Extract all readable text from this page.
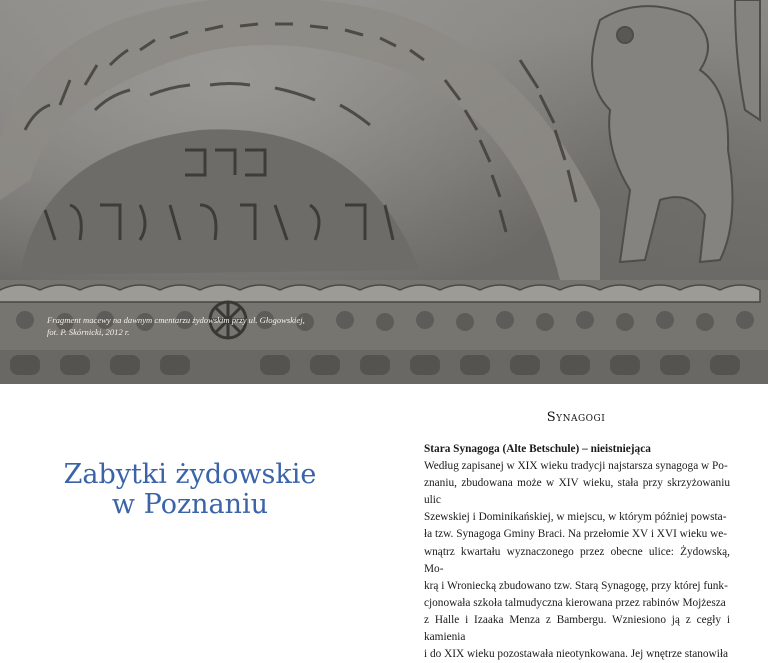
Fragment macewy na dawnym cmentarzu żydowskim przy ul. Głogowskiej,
fot. P. Skórnicki, 2012 r.
Zabytki żydowskie
w Poznaniu
Synagogi
Stara Synagoga (Alte Betschule) – nieistniejąca
Według zapisanej w XIX wieku tradycji najstarsza synagoga w Po-
znaniu, zbudowana może w XIV wieku, stała przy skrzyżowaniu ulic
Szewskiej i Dominikańskiej, w miejscu, w którym później powsta-
ła tzw. Synagoga Gminy Braci. Na przełomie XV i XVI wieku we-
wnątrz kwartału wyznaczonego przez obecne ulice: Żydowską, Mo-
krą i Wroniecką zbudowano tzw. Starą Synagogę, przy której funk-
cjonowała szkoła talmudyczna kierowana przez rabinów Mojżesza
z Halle i Izaaka Menza z Bambergu. Wzniesiono ją z cegły i kamienia
i do XIX wieku pozostawała nieotynkowana. Jej wnętrze stanowiła
